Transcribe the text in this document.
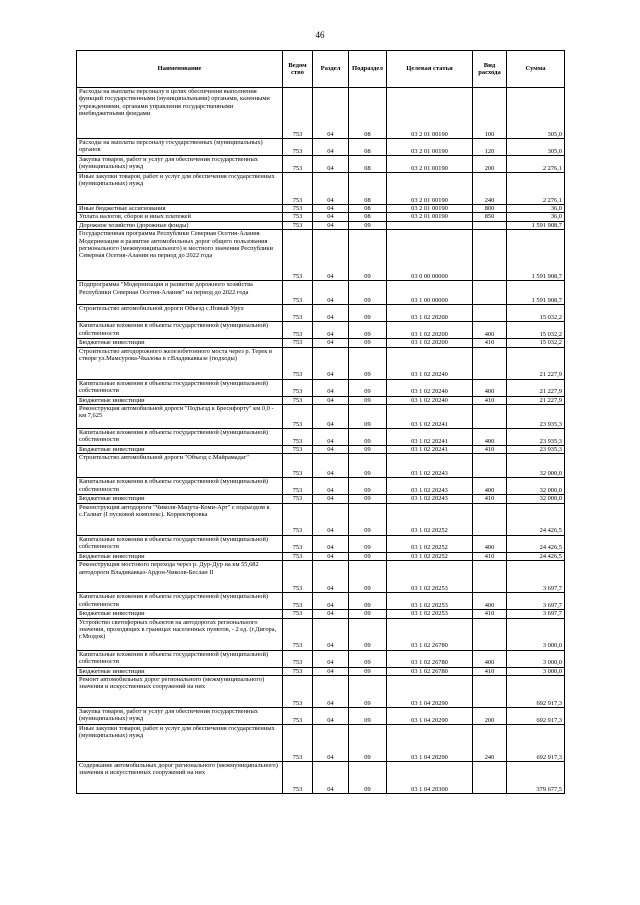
46
Наименование	Ведом ство	Раздел	Подраздел	Целевая статья	Вид расхода	Сумма
Расходы на выплаты персоналу в целях обеспечения выполнения функций государственными (муниципальными) органами, казенными учреждениями, органами управления государственными внебюджетными фондами	753	04	08	03 2 01 00190	100	305,0
Расходы на выплаты персоналу государственных (муниципальных) органов	753	04	08	03 2 01 00190	120	305,0
Закупка товаров, работ и услуг для обеспечения государственных (муниципальных) нужд	753	04	08	03 2 01 00190	200	2 276,1
Иные закупки товаров, работ и услуг для обеспечения государственных (муниципальных) нужд	753	04	08	03 2 01 00190	240	2 276,1
Иные бюджетные ассигнования	753	04	08	03 2 01 00190	800	36,0
Уплата налогов, сборов и иных платежей	753	04	08	03 2 01 00190	850	36,0
Дорожное хозяйство (дорожные фонды)	753	04	09			1 591 908,7
Государственная программа Республики Северная Осетия-Алания Модернизация и развитие автомобильных дорог общего пользования регионального (межмуниципального) и местного значения Республики Северная Осетия-Алания на период до 2022 года	753	04	09	03 0 00 00000		1 591 908,7
Подпрограмма "Модернизация и развитие дорожного хозяйства Республики Северная Осетия-Алания" на период до 2022 года	753	04	09	03 1 00 00000		1 591 908,7
Строительство автомобильной дороги Объезд с.Новый Урух	753	04	09	03 1 02 20200		15 032,2
Капитальные вложения в объекты государственной (муниципальной) собственности	753	04	09	03 1 02 20200	400	15 032,2
Бюджетные инвестиции	753	04	09	03 1 02 20200	410	15 032,2
Строительство автодорожного железобетонного моста через р. Терек в створе ул.Мамсурова-Чкалова в г.Владикавказе (подходы)	753	04	09	03 1 02 20240		21 227,9
Капитальные вложения в объекты государственной (муниципальной) собственности	753	04	09	03 1 02 20240	400	21 227,9
Бюджетные инвестиции	753	04	09	03 1 02 20240	410	21 227,9
Реконструкция автомобильной дороги "Подъезд к Бреснфорту" км 0,0 - км 7,625	753	04	09	03 1 02 20241		23 935,3
Капитальные вложения в объекты государственной (муниципальной) собственности	753	04	09	03 1 02 20241	400	23 935,3
Бюджетные инвестиции	753	04	09	03 1 02 20241	410	23 935,3
Строительство автомобильной дороги "Объезд с.Майрамадаг"	753	04	09	03 1 02 20243		32 000,0
Капитальные вложения в объекты государственной (муниципальной) собственности	753	04	09	03 1 02 20243	400	32 000,0
Бюджетные инвестиции	753	04	09	03 1 02 20243	410	32 000,0
Реконструкция автодороги "Чиколв-Мацута-Коми-Арт" с подъездом к с.Галиат (I пусковой комплекс). Корректировка	753	04	09	03 1 02 20252		24 426,5
Капитальные вложения в объекты государственной (муниципальной) собственности	753	04	09	03 1 02 20252	400	24 426,5
Бюджетные инвестиции	753	04	09	03 1 02 20252	410	24 426,5
Реконструкция мостового перехода через р. Дур-Дур на км 55,682 автодороги Владикавказ-Ардон-Чиколв-Беслан II	753	04	09	03 1 02 20253		3 697,7
Капитальные вложения в объекты государственной (муниципальной) собственности	753	04	09	03 1 02 20253	400	3 697,7
Бюджетные инвестиции	753	04	09	03 1 02 20253	410	3 697,7
Устройство светофорных объектов на автодорогах регионального значения, проходящих в границах населенных пунктов, - 2 ед. (г.Дигора, г.Моздок)	753	04	09	03 1 02 26780		3 000,0
Капитальные вложения в объекты государственной (муниципальной) собственности	753	04	09	03 1 02 26780	400	3 000,0
Бюджетные инвестиции	753	04	09	03 1 02 26780	410	3 000,0
Ремонт автомобильных дорог регионального (межмуниципального) значения и искусственных сооружений на них	753	04	09	03 1 04 20290		692 917,3
Закупка товаров, работ и услуг для обеспечения государственных (муниципальных) нужд	753	04	09	03 1 04 20290	200	692 917,3
Иные закупки товаров, работ и услуг для обеспечения государственных (муниципальных) нужд	753	04	09	03 1 04 20290	240	692 917,3
Содержание автомобильных дорог регионального (межмуниципального) значения и искусственных сооружений на них	753	04	09	03 1 04 20300		379 677,5
